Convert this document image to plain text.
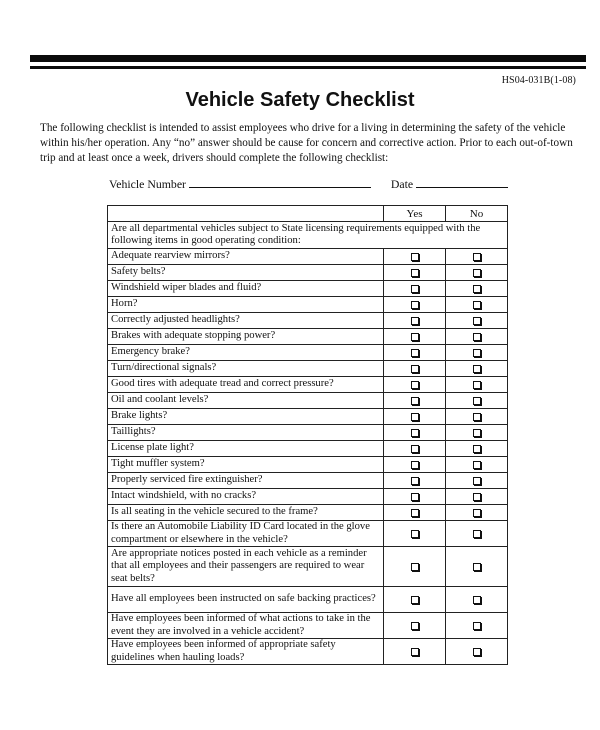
HS04-031B(1-08)
Vehicle Safety Checklist

The following checklist is intended to assist employees who drive for a living in determining the safety of the vehicle within his/her operation. Any “no” answer should be cause for concern and corrective action. Prior to each out-of-town trip and at least once a week, drivers should complete the following checklist:

Vehicle Number	Date
	Yes	No
Are all departmental vehicles subject to State licensing requirements equipped with the following items in good operating condition:		
Adequate rearview mirrors?		
Safety belts?		
Windshield wiper blades and fluid?		
Horn?		
Correctly adjusted headlights?		
Brakes with adequate stopping power?		
Emergency brake?		
Turn/directional signals?		
Good tires with adequate tread and correct pressure?		
Oil and coolant levels?		
Brake lights?		
Taillights?		
License plate light?		
Tight muffler system?		
Properly serviced fire extinguisher?		
Intact windshield, with no cracks?		
Is all seating in the vehicle secured to the frame?		
Is there an Automobile Liability ID Card located in the glove compartment or elsewhere in the vehicle?		
Are appropriate notices posted in each vehicle as a reminder that all employees and their passengers are required to wear seat belts?		
Have all employees been instructed on safe backing practices?		
Have employees been informed of what actions to take in the event they are involved in a vehicle accident?		
Have employees been informed of appropriate safety guidelines when hauling loads?		
